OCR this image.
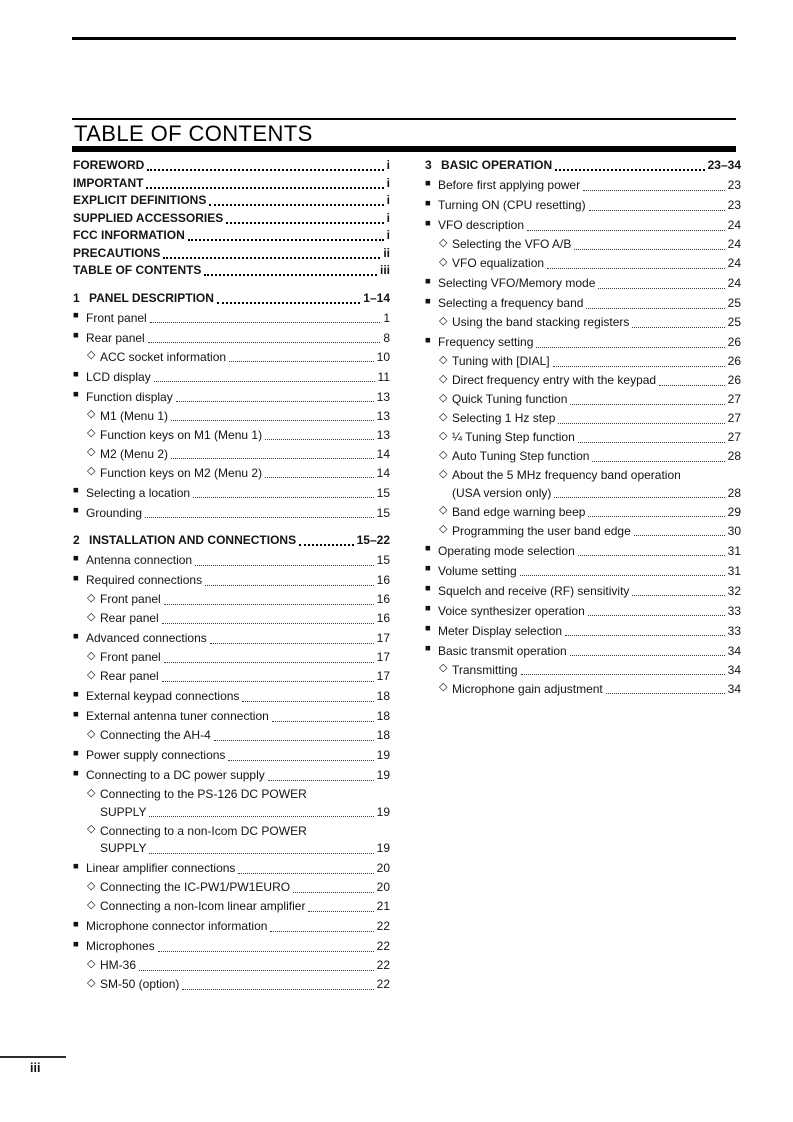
TABLE OF CONTENTS
FOREWORD	i
IMPORTANT	i
EXPLICIT DEFINITIONS	i
SUPPLIED ACCESSORIES	i
FCC INFORMATION	i
PRECAUTIONS	ii
TABLE OF CONTENTS	iii
1 PANEL DESCRIPTION	1–14
■ Front panel	1
■ Rear panel	8
◇ ACC socket information	10
■ LCD display	11
■ Function display	13
◇ M1 (Menu 1)	13
◇ Function keys on M1 (Menu 1)	13
◇ M2 (Menu 2)	14
◇ Function keys on M2 (Menu 2)	14
■ Selecting a location	15
■ Grounding	15
2 INSTALLATION AND CONNECTIONS	15–22
■ Antenna connection	15
■ Required connections	16
◇ Front panel	16
◇ Rear panel	16
■ Advanced connections	17
◇ Front panel	17
◇ Rear panel	17
■ External keypad connections	18
■ External antenna tuner connection	18
◇ Connecting the AH-4	18
■ Power supply connections	19
■ Connecting to a DC power supply	19
◇ Connecting to the PS-126 DC POWER
SUPPLY	19
◇ Connecting to a non-Icom DC POWER
SUPPLY	19
■ Linear amplifier connections	20
◇ Connecting the IC-PW1/PW1EURO	20
◇ Connecting a non-Icom linear amplifier	21
■ Microphone connector information	22
■ Microphones	22
◇ HM-36	22
◇ SM-50 (option)	22
3 BASIC OPERATION	23–34
■ Before first applying power	23
■ Turning ON (CPU resetting)	23
■ VFO description	24
◇ Selecting the VFO A/B	24
◇ VFO equalization	24
■ Selecting VFO/Memory mode	24
■ Selecting a frequency band	25
◇ Using the band stacking registers	25
■ Frequency setting	26
◇ Tuning with [DIAL]	26
◇ Direct frequency entry with the keypad	26
◇ Quick Tuning function	27
◇ Selecting 1 Hz step	27
◇ ¼ Tuning Step function	27
◇ Auto Tuning Step function	28
◇ About the 5 MHz frequency band operation
(USA version only)	28
◇ Band edge warning beep	29
◇ Programming the user band edge	30
■ Operating mode selection	31
■ Volume setting	31
■ Squelch and receive (RF) sensitivity	32
■ Voice synthesizer operation	33
■ Meter Display selection	33
■ Basic transmit operation	34
◇ Transmitting	34
◇ Microphone gain adjustment	34
iii
